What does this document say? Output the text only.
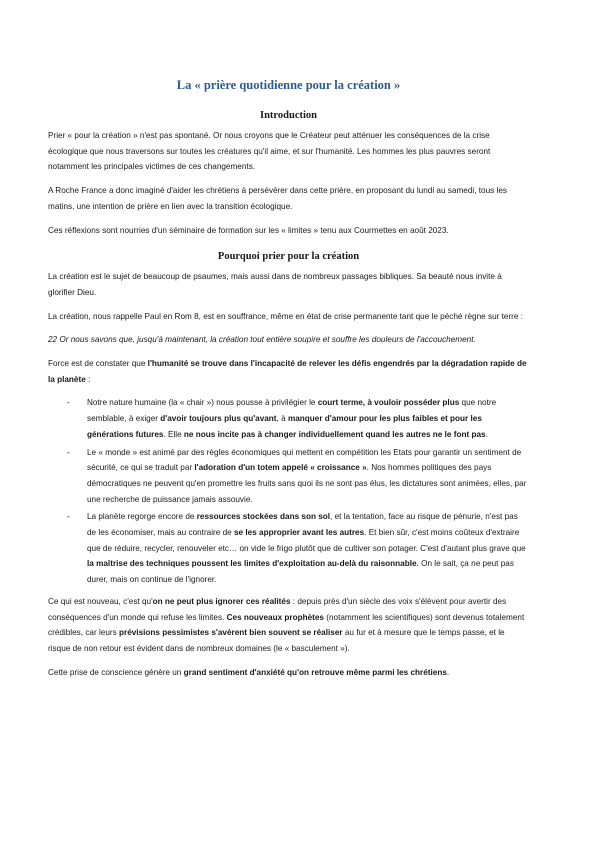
La « prière quotidienne pour la création »
Introduction

Prier « pour la création » n'est pas spontané. Or nous croyons que le Créateur peut atténuer les conséquences de la crise écologique que nous traversons sur toutes les créatures qu'il aime, et sur l'humanité. Les hommes les plus pauvres seront notamment les principales victimes de ces changements.

A Roche France a donc imaginé d'aider les chrétiens à persévérer dans cette prière, en proposant du lundi au samedi, tous les matins, une intention de prière en lien avec la transition écologique.

Ces réflexions sont nourries d'un séminaire de formation sur les « limites » tenu aux Courmettes en août 2023.

Pourquoi prier pour la création

La création est le sujet de beaucoup de psaumes, mais aussi dans de nombreux passages bibliques. Sa beauté nous invite à glorifier Dieu.

La création, nous rappelle Paul en Rom 8, est en souffrance, même en état de crise permanente tant que le péché règne sur terre :

22 Or nous savons que, jusqu'à maintenant, la création tout entière soupire et souffre les douleurs de l'accouchement.

Force est de constater que l'humanité se trouve dans l'incapacité de relever les défis engendrés par la dégradation rapide de la planète :

- Notre nature humaine (la « chair ») nous pousse à privilégier le court terme, à vouloir posséder plus que notre semblable, à exiger d'avoir toujours plus qu'avant, à manquer d'amour pour les plus faibles et pour les générations futures. Elle ne nous incite pas à changer individuellement quand les autres ne le font pas.
- Le « monde » est animé par des règles économiques qui mettent en compétition les Etats pour garantir un sentiment de sécurité, ce qui se traduit par l'adoration d'un totem appelé « croissance ». Nos hommes politiques des pays démocratiques ne peuvent qu'en promettre les fruits sans quoi ils ne sont pas élus, les dictatures sont animées, elles, par une recherche de puissance jamais assouvie.
- La planète regorge encore de ressources stockées dans son sol, et la tentation, face au risque de pénurie, n'est pas de les économiser, mais au contraire de se les approprier avant les autres. Et bien sûr, c'est moins coûteux d'extraire que de réduire, recycler, renouveler etc… on vide le frigo plutôt que de cultiver son potager. C'est d'autant plus grave que la maîtrise des techniques poussent les limites d'exploitation au-delà du raisonnable. On le sait, ça ne peut pas durer, mais on continue de l'ignorer.

Ce qui est nouveau, c'est qu'on ne peut plus ignorer ces réalités : depuis près d'un siècle des voix s'élèvent pour avertir des conséquences d'un monde qui refuse les limites. Ces nouveaux prophètes (notamment les scientifiques) sont devenus totalement crédibles, car leurs prévisions pessimistes s'avèrent bien souvent se réaliser au fur et à mesure que le temps passe, et le risque de non retour est évident dans de nombreux domaines (le « basculement »).

Cette prise de conscience génère un grand sentiment d'anxiété qu'on retrouve même parmi les chrétiens.
